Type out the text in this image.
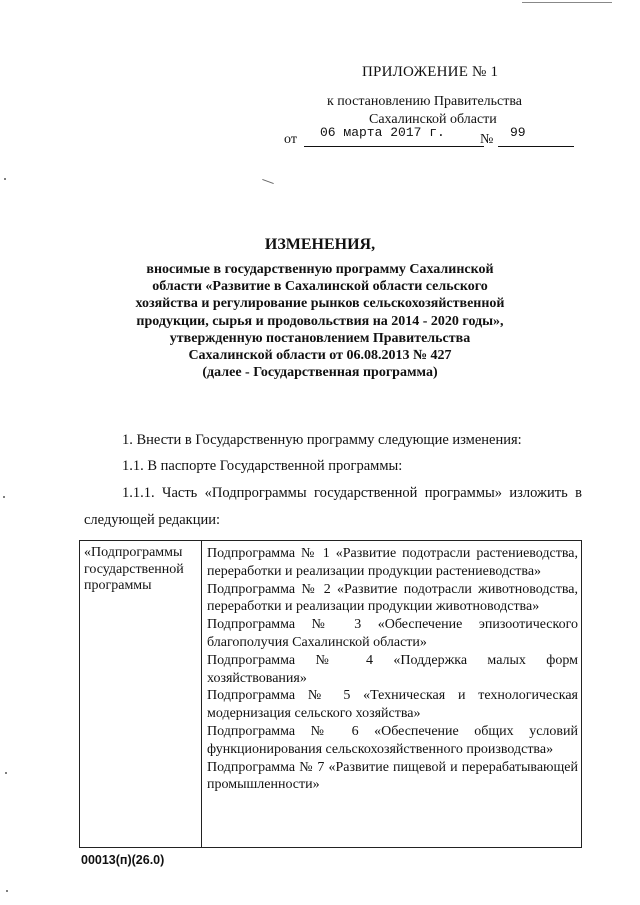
ПРИЛОЖЕНИЕ № 1
к постановлению Правительства
Сахалинской области
от 06 марта 2017 г.	№ 99
ИЗМЕНЕНИЯ,
вносимые в государственную программу Сахалинской
области «Развитие в Сахалинской области сельского
хозяйства и регулирование рынков сельскохозяйственной
продукции, сырья и продовольствия на 2014 - 2020 годы»,
утвержденную постановлением Правительства
Сахалинской области от 06.08.2013 № 427
(далее - Государственная программа)
1. Внести в Государственную программу следующие изменения:
1.1. В паспорте Государственной программы:
1.1.1. Часть «Подпрограммы государственной программы» изложить в
следующей редакции:
«Подпрограммы государственной программы
Подпрограмма № 1 «Развитие подотрасли растениеводства, переработки и реализации продукции растениеводства»
Подпрограмма № 2 «Развитие подотрасли животноводства, переработки и реализации продукции животноводства»
Подпрограмма № 3 «Обеспечение эпизоотического благополучия Сахалинской области»
Подпрограмма № 4 «Поддержка малых форм хозяйствования»
Подпрограмма № 5 «Техническая и технологическая модернизация сельского хозяйства»
Подпрограмма № 6 «Обеспечение общих условий функционирования сельскохозяйственного производства»
Подпрограмма № 7 «Развитие пищевой и перерабатывающей промышленности»
00013(п)(26.0)
